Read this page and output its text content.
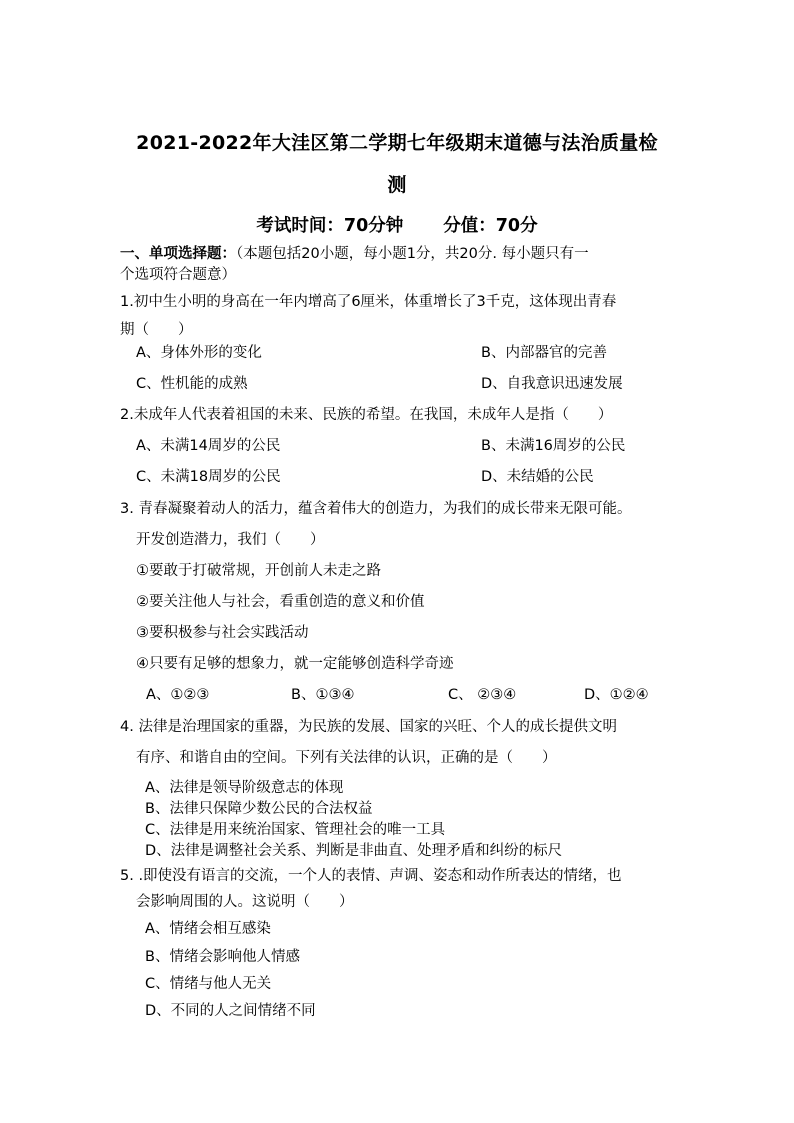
2021-2022年大洼区第二学期七年级期末道德与法治质量检
测
考试时间：70分钟 分值：70分
一、单项选择题：（本题包括20小题，每小题1分，共20分. 每小题只有一
个选项符合题意）
1.初中生小明的身高在一年内增高了6厘米，体重增长了3千克，这体现出青春
期（　　）
A、身体外形的变化	B、内部器官的完善
C、性机能的成熟	D、自我意识迅速发展
2.未成年人代表着祖国的未来、民族的希望。在我国，未成年人是指（　　）
A、未满14周岁的公民	B、未满16周岁的公民
C、未满18周岁的公民	D、未结婚的公民
3. 青春凝聚着动人的活力，蕴含着伟大的创造力，为我们的成长带来无限可能。
开发创造潜力，我们（　　）
①要敢于打破常规，开创前人未走之路
②要关注他人与社会，看重创造的意义和价值
③要积极参与社会实践活动
④只要有足够的想象力，就一定能够创造科学奇迹
A、①②③	B、①③④	C、 ②③④	D、①②④
4. 法律是治理国家的重器，为民族的发展、国家的兴旺、个人的成长提供文明
有序、和谐自由的空间。下列有关法律的认识，正确的是（　　）
A、法律是领导阶级意志的体现
B、法律只保障少数公民的合法权益
C、法律是用来统治国家、管理社会的唯一工具
D、法律是调整社会关系、判断是非曲直、处理矛盾和纠纷的标尺
5. .即使没有语言的交流，一个人的表情、声调、姿态和动作所表达的情绪，也
会影响周围的人。这说明（　　）
A、情绪会相互感染
B、情绪会影响他人情感
C、情绪与他人无关
D、不同的人之间情绪不同
